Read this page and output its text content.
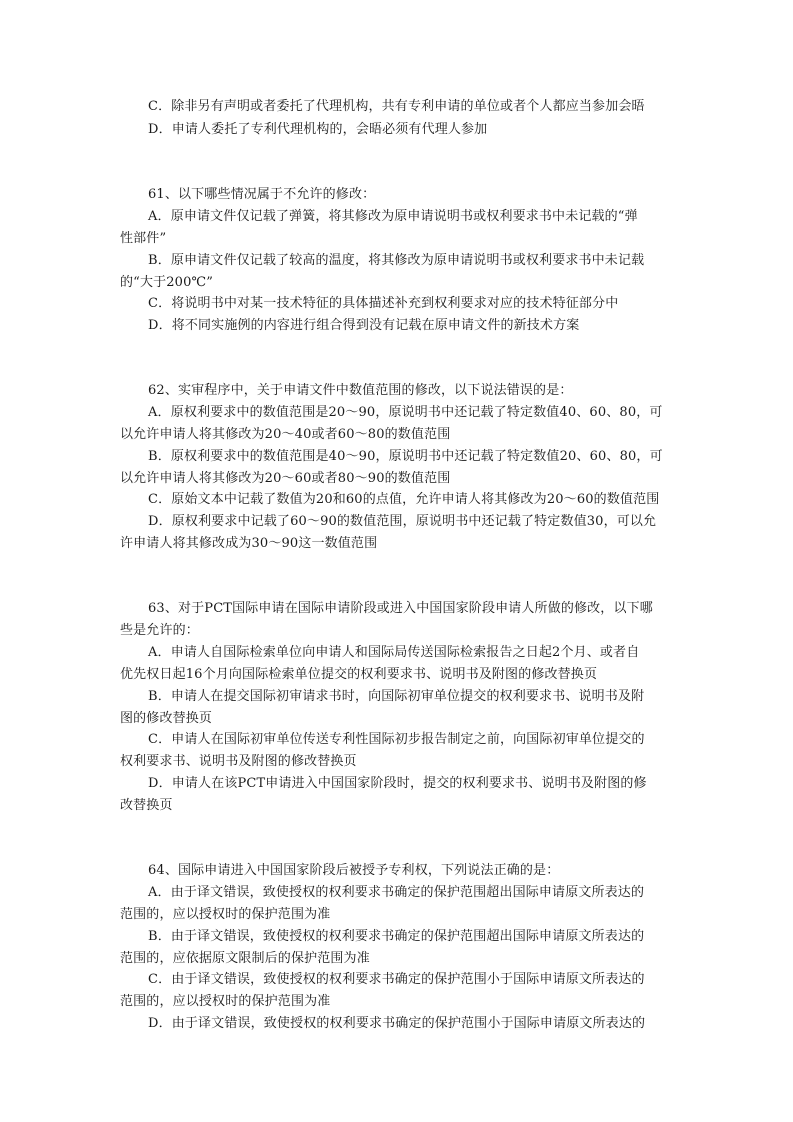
C．除非另有声明或者委托了代理机构，共有专利申请的单位或者个人都应当参加会晤
D．申请人委托了专利代理机构的，会晤必须有代理人参加
61、以下哪些情况属于不允许的修改：
A．原申请文件仅记载了弹簧，将其修改为原申请说明书或权利要求书中未记载的“弹
性部件”
B．原申请文件仅记载了较高的温度，将其修改为原申请说明书或权利要求书中未记载
的“大于200℃”
C．将说明书中对某一技术特征的具体描述补充到权利要求对应的技术特征部分中
D．将不同实施例的内容进行组合得到没有记载在原申请文件的新技术方案
62、实审程序中，关于申请文件中数值范围的修改，以下说法错误的是：
A．原权利要求中的数值范围是20～90，原说明书中还记载了特定数值40、60、80，可
以允许申请人将其修改为20～40或者60～80的数值范围
B．原权利要求中的数值范围是40～90，原说明书中还记载了特定数值20、60、80，可
以允许申请人将其修改为20～60或者80～90的数值范围
C．原始文本中记载了数值为20和60的点值，允许申请人将其修改为20～60的数值范围
D．原权利要求中记载了60～90的数值范围，原说明书中还记载了特定数值30，可以允
许申请人将其修改成为30～90这一数值范围
63、对于PCT国际申请在国际申请阶段或进入中国国家阶段申请人所做的修改，以下哪
些是允许的：
A．申请人自国际检索单位向申请人和国际局传送国际检索报告之日起2个月、或者自
优先权日起16个月向国际检索单位提交的权利要求书、说明书及附图的修改替换页
B．申请人在提交国际初审请求书时，向国际初审单位提交的权利要求书、说明书及附
图的修改替换页
C．申请人在国际初审单位传送专利性国际初步报告制定之前，向国际初审单位提交的
权利要求书、说明书及附图的修改替换页
D．申请人在该PCT申请进入中国国家阶段时，提交的权利要求书、说明书及附图的修
改替换页
64、国际申请进入中国国家阶段后被授予专利权，下列说法正确的是：
A．由于译文错误，致使授权的权利要求书确定的保护范围超出国际申请原文所表达的
范围的，应以授权时的保护范围为准
B．由于译文错误，致使授权的权利要求书确定的保护范围超出国际申请原文所表达的
范围的，应依据原文限制后的保护范围为准
C．由于译文错误，致使授权的权利要求书确定的保护范围小于国际申请原文所表达的
范围的，应以授权时的保护范围为准
D．由于译文错误，致使授权的权利要求书确定的保护范围小于国际申请原文所表达的
